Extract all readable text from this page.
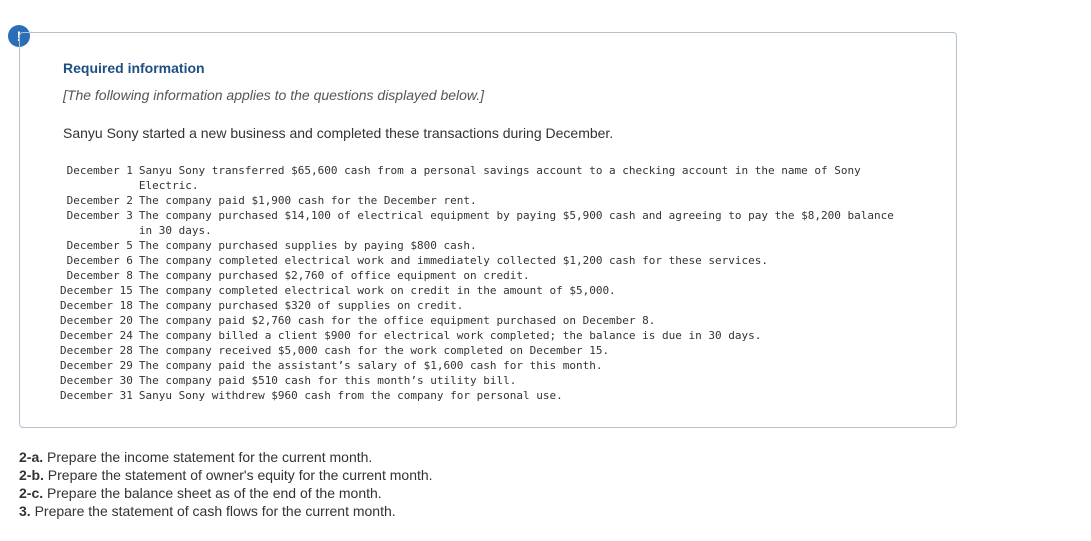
!

Required information

[The following information applies to the questions displayed below.]

Sanyu Sony started a new business and completed these transactions during December.

December 1	Sanyu Sony transferred $65,600 cash from a personal savings account to a checking account in the name of Sony Electric.
December 2	The company paid $1,900 cash for the December rent.
December 3	The company purchased $14,100 of electrical equipment by paying $5,900 cash and agreeing to pay the $8,200 balance in 30 days.
December 5	The company purchased supplies by paying $800 cash.
December 6	The company completed electrical work and immediately collected $1,200 cash for these services.
December 8	The company purchased $2,760 of office equipment on credit.
December 15	The company completed electrical work on credit in the amount of $5,000.
December 18	The company purchased $320 of supplies on credit.
December 20	The company paid $2,760 cash for the office equipment purchased on December 8.
December 24	The company billed a client $900 for electrical work completed; the balance is due in 30 days.
December 28	The company received $5,000 cash for the work completed on December 15.
December 29	The company paid the assistant’s salary of $1,600 cash for this month.
December 30	The company paid $510 cash for this month’s utility bill.
December 31	Sanyu Sony withdrew $960 cash from the company for personal use.
2-a. Prepare the income statement for the current month.
2-b. Prepare the statement of owner's equity for the current month.
2-c. Prepare the balance sheet as of the end of the month.
3. Prepare the statement of cash flows for the current month.
